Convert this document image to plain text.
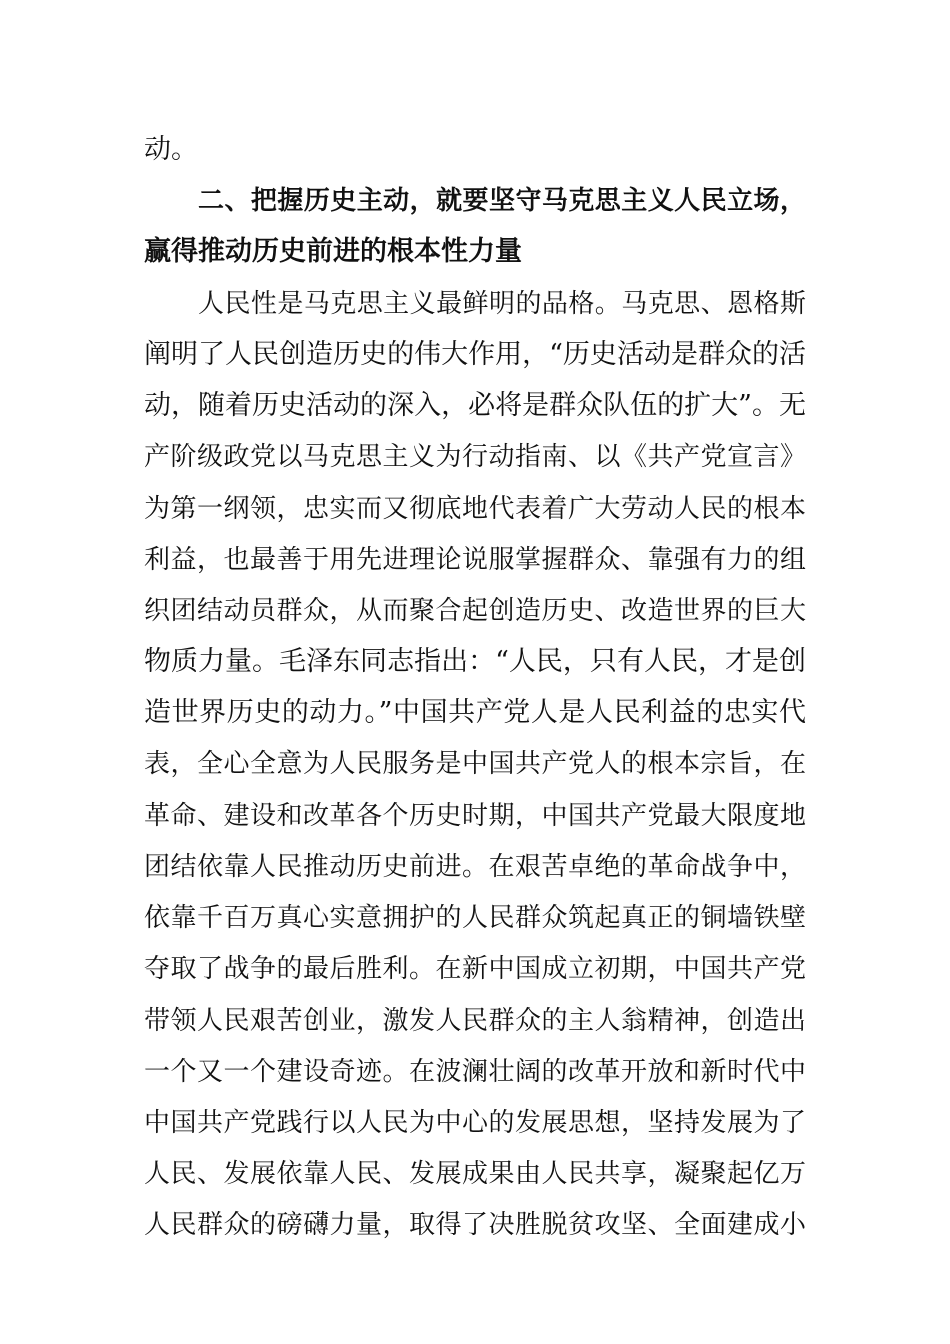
动。
二、把握历史主动，就要坚守马克思主义人民立场，
赢得推动历史前进的根本性力量
人民性是马克思主义最鲜明的品格。马克思、恩格斯
阐明了人民创造历史的伟大作用，“历史活动是群众的活
动，随着历史活动的深入，必将是群众队伍的扩大”。无
产阶级政党以马克思主义为行动指南、以《共产党宣言》
为第一纲领，忠实而又彻底地代表着广大劳动人民的根本
利益，也最善于用先进理论说服掌握群众、靠强有力的组
织团结动员群众，从而聚合起创造历史、改造世界的巨大
物质力量。毛泽东同志指出：“人民，只有人民，才是创
造世界历史的动力。”中国共产党人是人民利益的忠实代
表，全心全意为人民服务是中国共产党人的根本宗旨，在
革命、建设和改革各个历史时期，中国共产党最大限度地
团结依靠人民推动历史前进。在艰苦卓绝的革命战争中，
依靠千百万真心实意拥护的人民群众筑起真正的铜墙铁壁
夺取了战争的最后胜利。在新中国成立初期，中国共产党
带领人民艰苦创业，激发人民群众的主人翁精神，创造出
一个又一个建设奇迹。在波澜壮阔的改革开放和新时代中
中国共产党践行以人民为中心的发展思想，坚持发展为了
人民、发展依靠人民、发展成果由人民共享，凝聚起亿万
人民群众的磅礴力量，取得了决胜脱贫攻坚、全面建成小
